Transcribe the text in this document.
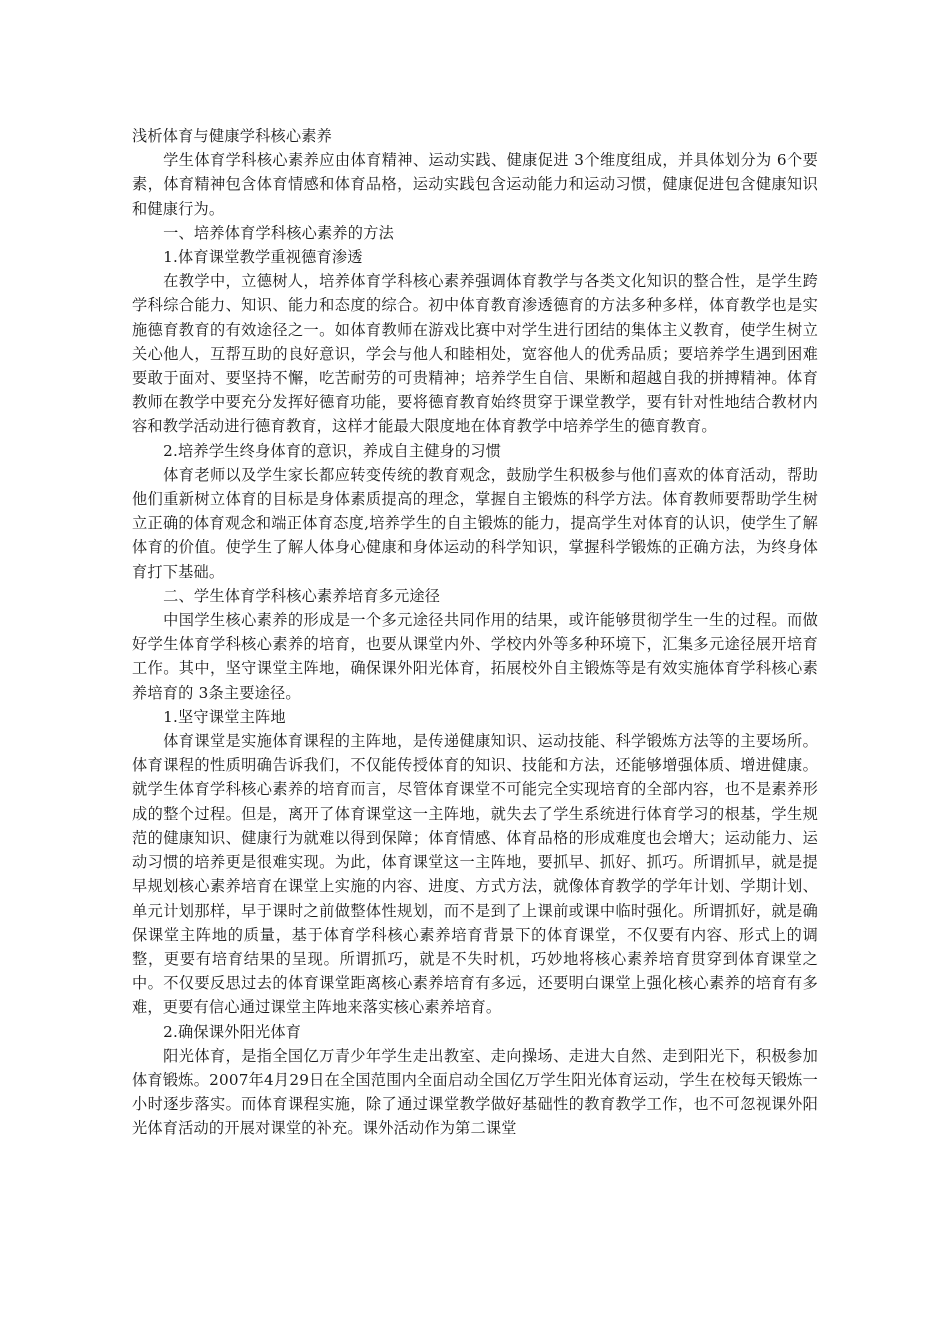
浅析体育与健康学科核心素养

学生体育学科核心素养应由体育精神、运动实践、健康促进 3个维度组成，并具体划分为 6个要素，体育精神包含体育情感和体育品格，运动实践包含运动能力和运动习惯，健康促进包含健康知识和健康行为。

一、培养体育学科核心素养的方法

1.体育课堂教学重视德育渗透

在教学中，立德树人，培养体育学科核心素养强调体育教学与各类文化知识的整合性，是学生跨学科综合能力、知识、能力和态度的综合。初中体育教育渗透德育的方法多种多样，体育教学也是实施德育教育的有效途径之一。如体育教师在游戏比赛中对学生进行团结的集体主义教育，使学生树立关心他人，互帮互助的良好意识，学会与他人和睦相处，宽容他人的优秀品质；要培养学生遇到困难要敢于面对、要坚持不懈，吃苦耐劳的可贵精神；培养学生自信、果断和超越自我的拼搏精神。体育教师在教学中要充分发挥好德育功能，要将德育教育始终贯穿于课堂教学，要有针对性地结合教材内容和教学活动进行德育教育，这样才能最大限度地在体育教学中培养学生的德育教育。

2.培养学生终身体育的意识，养成自主健身的习惯

体育老师以及学生家长都应转变传统的教育观念，鼓励学生积极参与他们喜欢的体育活动，帮助他们重新树立体育的目标是身体素质提高的理念，掌握自主锻炼的科学方法。体育教师要帮助学生树立正确的体育观念和端正体育态度,培养学生的自主锻炼的能力，提高学生对体育的认识，使学生了解体育的价值。使学生了解人体身心健康和身体运动的科学知识，掌握科学锻炼的正确方法，为终身体育打下基础。

二、学生体育学科核心素养培育多元途径

中国学生核心素养的形成是一个多元途径共同作用的结果，或许能够贯彻学生一生的过程。而做好学生体育学科核心素养的培育，也要从课堂内外、学校内外等多种环境下，汇集多元途径展开培育工作。其中，坚守课堂主阵地，确保课外阳光体育，拓展校外自主锻炼等是有效实施体育学科核心素养培育的 3条主要途径。

1.坚守课堂主阵地

体育课堂是实施体育课程的主阵地，是传递健康知识、运动技能、科学锻炼方法等的主要场所。体育课程的性质明确告诉我们，不仅能传授体育的知识、技能和方法，还能够增强体质、增进健康。就学生体育学科核心素养的培育而言，尽管体育课堂不可能完全实现培育的全部内容，也不是素养形成的整个过程。但是，离开了体育课堂这一主阵地，就失去了学生系统进行体育学习的根基，学生规范的健康知识、健康行为就难以得到保障；体育情感、体育品格的形成难度也会增大；运动能力、运动习惯的培养更是很难实现。为此，体育课堂这一主阵地，要抓早、抓好、抓巧。所谓抓早，就是提早规划核心素养培育在课堂上实施的内容、进度、方式方法，就像体育教学的学年计划、学期计划、单元计划那样，早于课时之前做整体性规划，而不是到了上课前或课中临时强化。所谓抓好，就是确保课堂主阵地的质量，基于体育学科核心素养培育背景下的体育课堂，不仅要有内容、形式上的调整，更要有培育结果的呈现。所谓抓巧，就是不失时机，巧妙地将核心素养培育贯穿到体育课堂之中。不仅要反思过去的体育课堂距离核心素养培育有多远，还要明白课堂上强化核心素养的培育有多难，更要有信心通过课堂主阵地来落实核心素养培育。

2.确保课外阳光体育

阳光体育，是指全国亿万青少年学生走出教室、走向操场、走进大自然、走到阳光下，积极参加体育锻炼。2007年4月29日在全国范围内全面启动全国亿万学生阳光体育运动，学生在校每天锻炼一小时逐步落实。而体育课程实施，除了通过课堂教学做好基础性的教育教学工作，也不可忽视课外阳光体育活动的开展对课堂的补充。课外活动作为第二课堂
